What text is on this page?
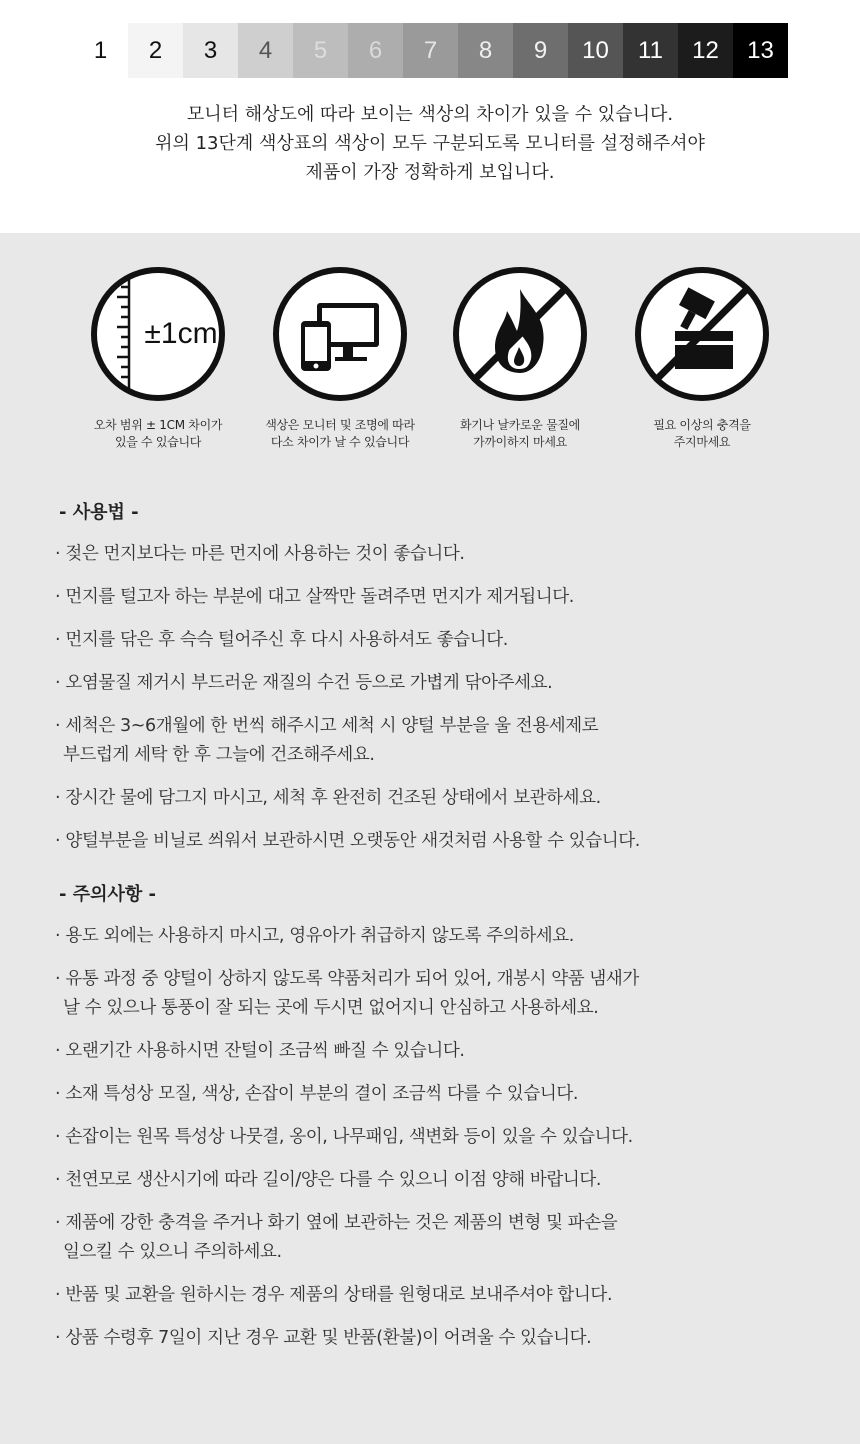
1	2	3	4	5	6	7	8	9	10	11	12	13
모니터 해상도에 따라 보이는 색상의 차이가 있을 수 있습니다.
위의 13단계 색상표의 색상이 모두 구분되도록 모니터를 설정해주셔야
제품이 가장 정확하게 보입니다.
±1cm
오차 범위 ± 1CM 차이가
있을 수 있습니다
색상은 모니터 및 조명에 따라
다소 차이가 날 수 있습니다
화기나 날카로운 물질에
가까이하지 마세요
필요 이상의 충격을
주지마세요
- 사용법 -
· 젖은 먼지보다는 마른 먼지에 사용하는 것이 좋습니다.
· 먼지를 털고자 하는 부분에 대고 살짝만 돌려주면 먼지가 제거됩니다.
· 먼지를 닦은 후 슥슥 털어주신 후 다시 사용하셔도 좋습니다.
· 오염물질 제거시 부드러운 재질의 수건 등으로 가볍게 닦아주세요.
· 세척은 3~6개월에 한 번씩 해주시고 세척 시 양털 부분을 울 전용세제로
부드럽게 세탁 한 후 그늘에 건조해주세요.
· 장시간 물에 담그지 마시고, 세척 후 완전히 건조된 상태에서 보관하세요.
· 양털부분을 비닐로 씌워서 보관하시면 오랫동안 새것처럼 사용할 수 있습니다.
- 주의사항 -
· 용도 외에는 사용하지 마시고, 영유아가 취급하지 않도록 주의하세요.
· 유통 과정 중 양털이 상하지 않도록 약품처리가 되어 있어, 개봉시 약품 냄새가
날 수 있으나 통풍이 잘 되는 곳에 두시면 없어지니 안심하고 사용하세요.
· 오랜기간 사용하시면 잔털이 조금씩 빠질 수 있습니다.
· 소재 특성상 모질, 색상, 손잡이 부분의 결이 조금씩 다를 수 있습니다.
· 손잡이는 원목 특성상 나뭇결, 옹이, 나무패임, 색변화 등이 있을 수 있습니다.
· 천연모로 생산시기에 따라 길이/양은 다를 수 있으니 이점 양해 바랍니다.
· 제품에 강한 충격을 주거나 화기 옆에 보관하는 것은 제품의 변형 및 파손을
일으킬 수 있으니 주의하세요.
· 반품 및 교환을 원하시는 경우 제품의 상태를 원형대로 보내주셔야 합니다.
· 상품 수령후 7일이 지난 경우 교환 및 반품(환불)이 어려울 수 있습니다.
